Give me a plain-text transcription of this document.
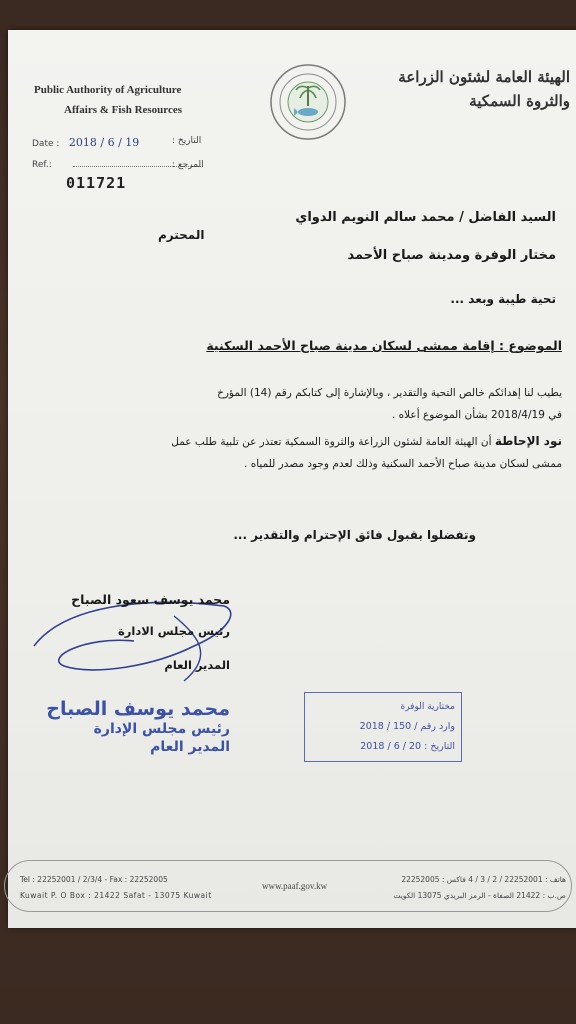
Public Authority of Agriculture
Affairs & Fish Resources
الهيئة العامة لشئون الزراعة
والثروة السمكية
Date : 2018 / 6 / 19	التاريخ :
Ref.:	المرجع :
011721
السيد الفاضل / محمد سالم النويم الدواي
المحترم
مختار الوفرة ومدينة صباح الأحمد
تحية طيبة وبعد ...
الموضوع : إقامة ممشى لسكان مدينة صباح الأحمد السكنية
يطيب لنا إهدائكم خالص التحية والتقدير ، وبالإشارة إلى كتابكم رقم (14) المؤرخ
في 2018/4/19 بشأن الموضوع أعلاه .
نود الإحاطة أن الهيئة العامة لشئون الزراعة والثروة السمكية تعتذر عن تلبية طلب عمل
ممشى لسكان مدينة صباح الأحمد السكنية وذلك لعدم وجود مصدر للمياه .
وتفضلوا بقبول فائق الإحترام والتقدير ...
محمد يوسف سعود الصباح
رئيس مجلس الادارة
المدير العام
محمد يوسف الصباح
رئيس مجلس الإدارة
المدير العام
مختارية الوفرة
وارد رقم / 150 / 2018
التاريخ : 20 / 6 / 2018
Tel : 22252001 / 2/3/4 - Fax : 22252005
Kuwait P. O Box : 21422 Safat - 13075 Kuwait
www.paaf.gov.kw
هاتف : 22252001 / 2 / 3 / 4 فاكس : 22252005
ص.ب : 21422 الصفاة - الرمز البريدي 13075 الكويت
